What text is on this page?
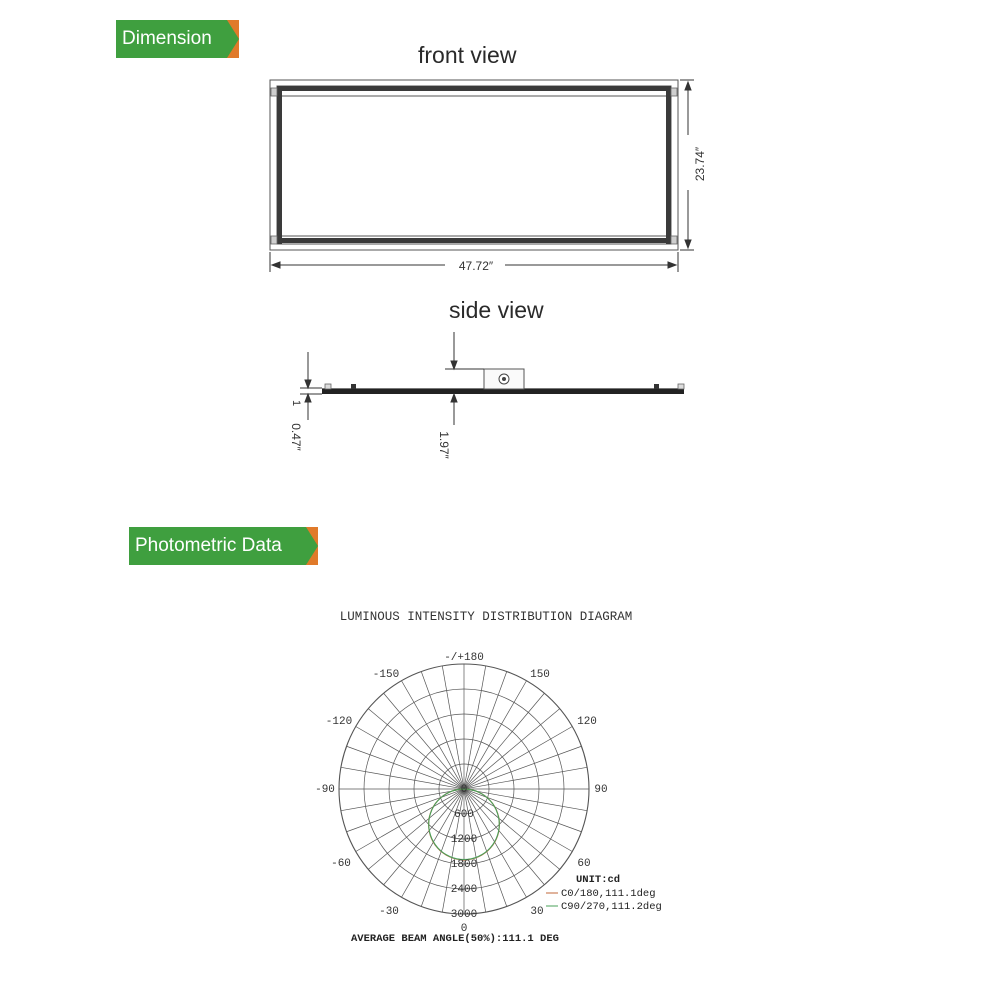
Dimension
front view
47.72″
23.74″
side view
0.47″
1
1.97″
Photometric Data
LUMINOUS INTENSITY DISTRIBUTION DIAGRAM
-/+180
-150	150
-120	120
-90	90
-60	60
-30	30
0
0
600
1200
1800
2400
3000
UNIT:cd
C0/180,111.1deg
C90/270,111.2deg
AVERAGE BEAM ANGLE(50%):111.1 DEG
